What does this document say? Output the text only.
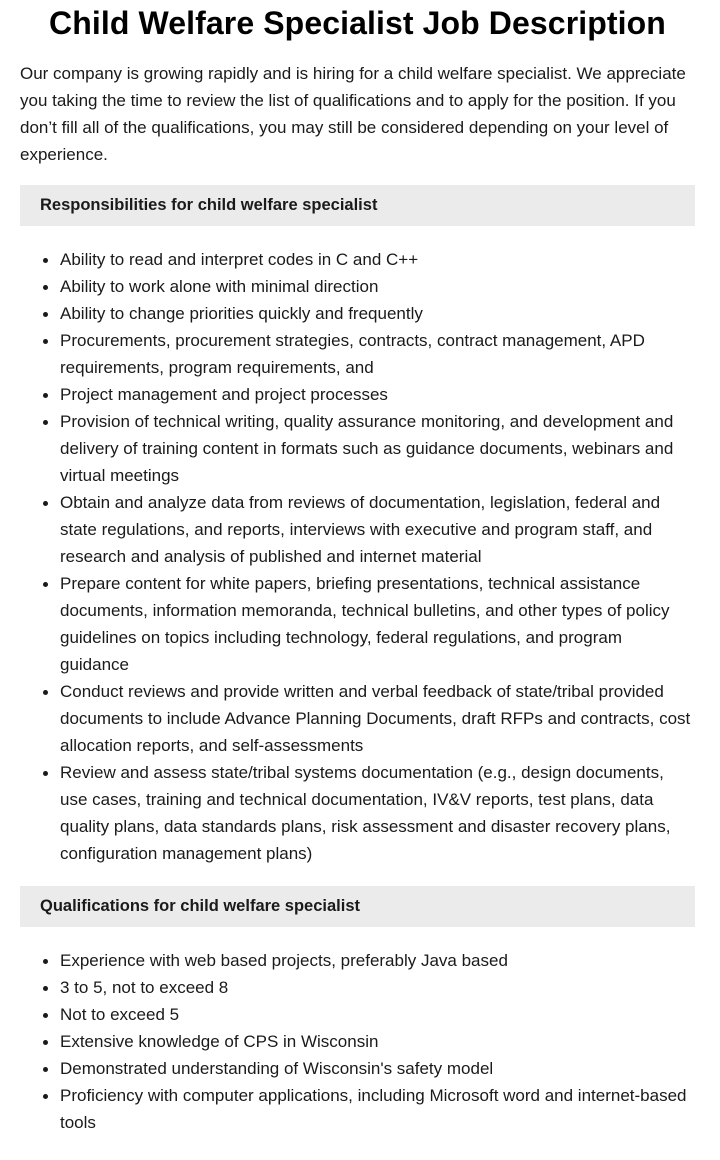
Child Welfare Specialist Job Description

Our company is growing rapidly and is hiring for a child welfare specialist. We appreciate you taking the time to review the list of qualifications and to apply for the position. If you don’t fill all of the qualifications, you may still be considered depending on your level of experience.

Responsibilities for child welfare specialist
Ability to read and interpret codes in C and C++
Ability to work alone with minimal direction
Ability to change priorities quickly and frequently
Procurements, procurement strategies, contracts, contract management, APD requirements, program requirements, and
Project management and project processes
Provision of technical writing, quality assurance monitoring, and development and delivery of training content in formats such as guidance documents, webinars and virtual meetings
Obtain and analyze data from reviews of documentation, legislation, federal and state regulations, and reports, interviews with executive and program staff, and research and analysis of published and internet material
Prepare content for white papers, briefing presentations, technical assistance documents, information memoranda, technical bulletins, and other types of policy guidelines on topics including technology, federal regulations, and program guidance
Conduct reviews and provide written and verbal feedback of state/tribal provided documents to include Advance Planning Documents, draft RFPs and contracts, cost allocation reports, and self-assessments
Review and assess state/tribal systems documentation (e.g., design documents, use cases, training and technical documentation, IV&V reports, test plans, data quality plans, data standards plans, risk assessment and disaster recovery plans, configuration management plans)
Qualifications for child welfare specialist
Experience with web based projects, preferably Java based
3 to 5, not to exceed 8
Not to exceed 5
Extensive knowledge of CPS in Wisconsin
Demonstrated understanding of Wisconsin's safety model
Proficiency with computer applications, including Microsoft word and internet-based tools
